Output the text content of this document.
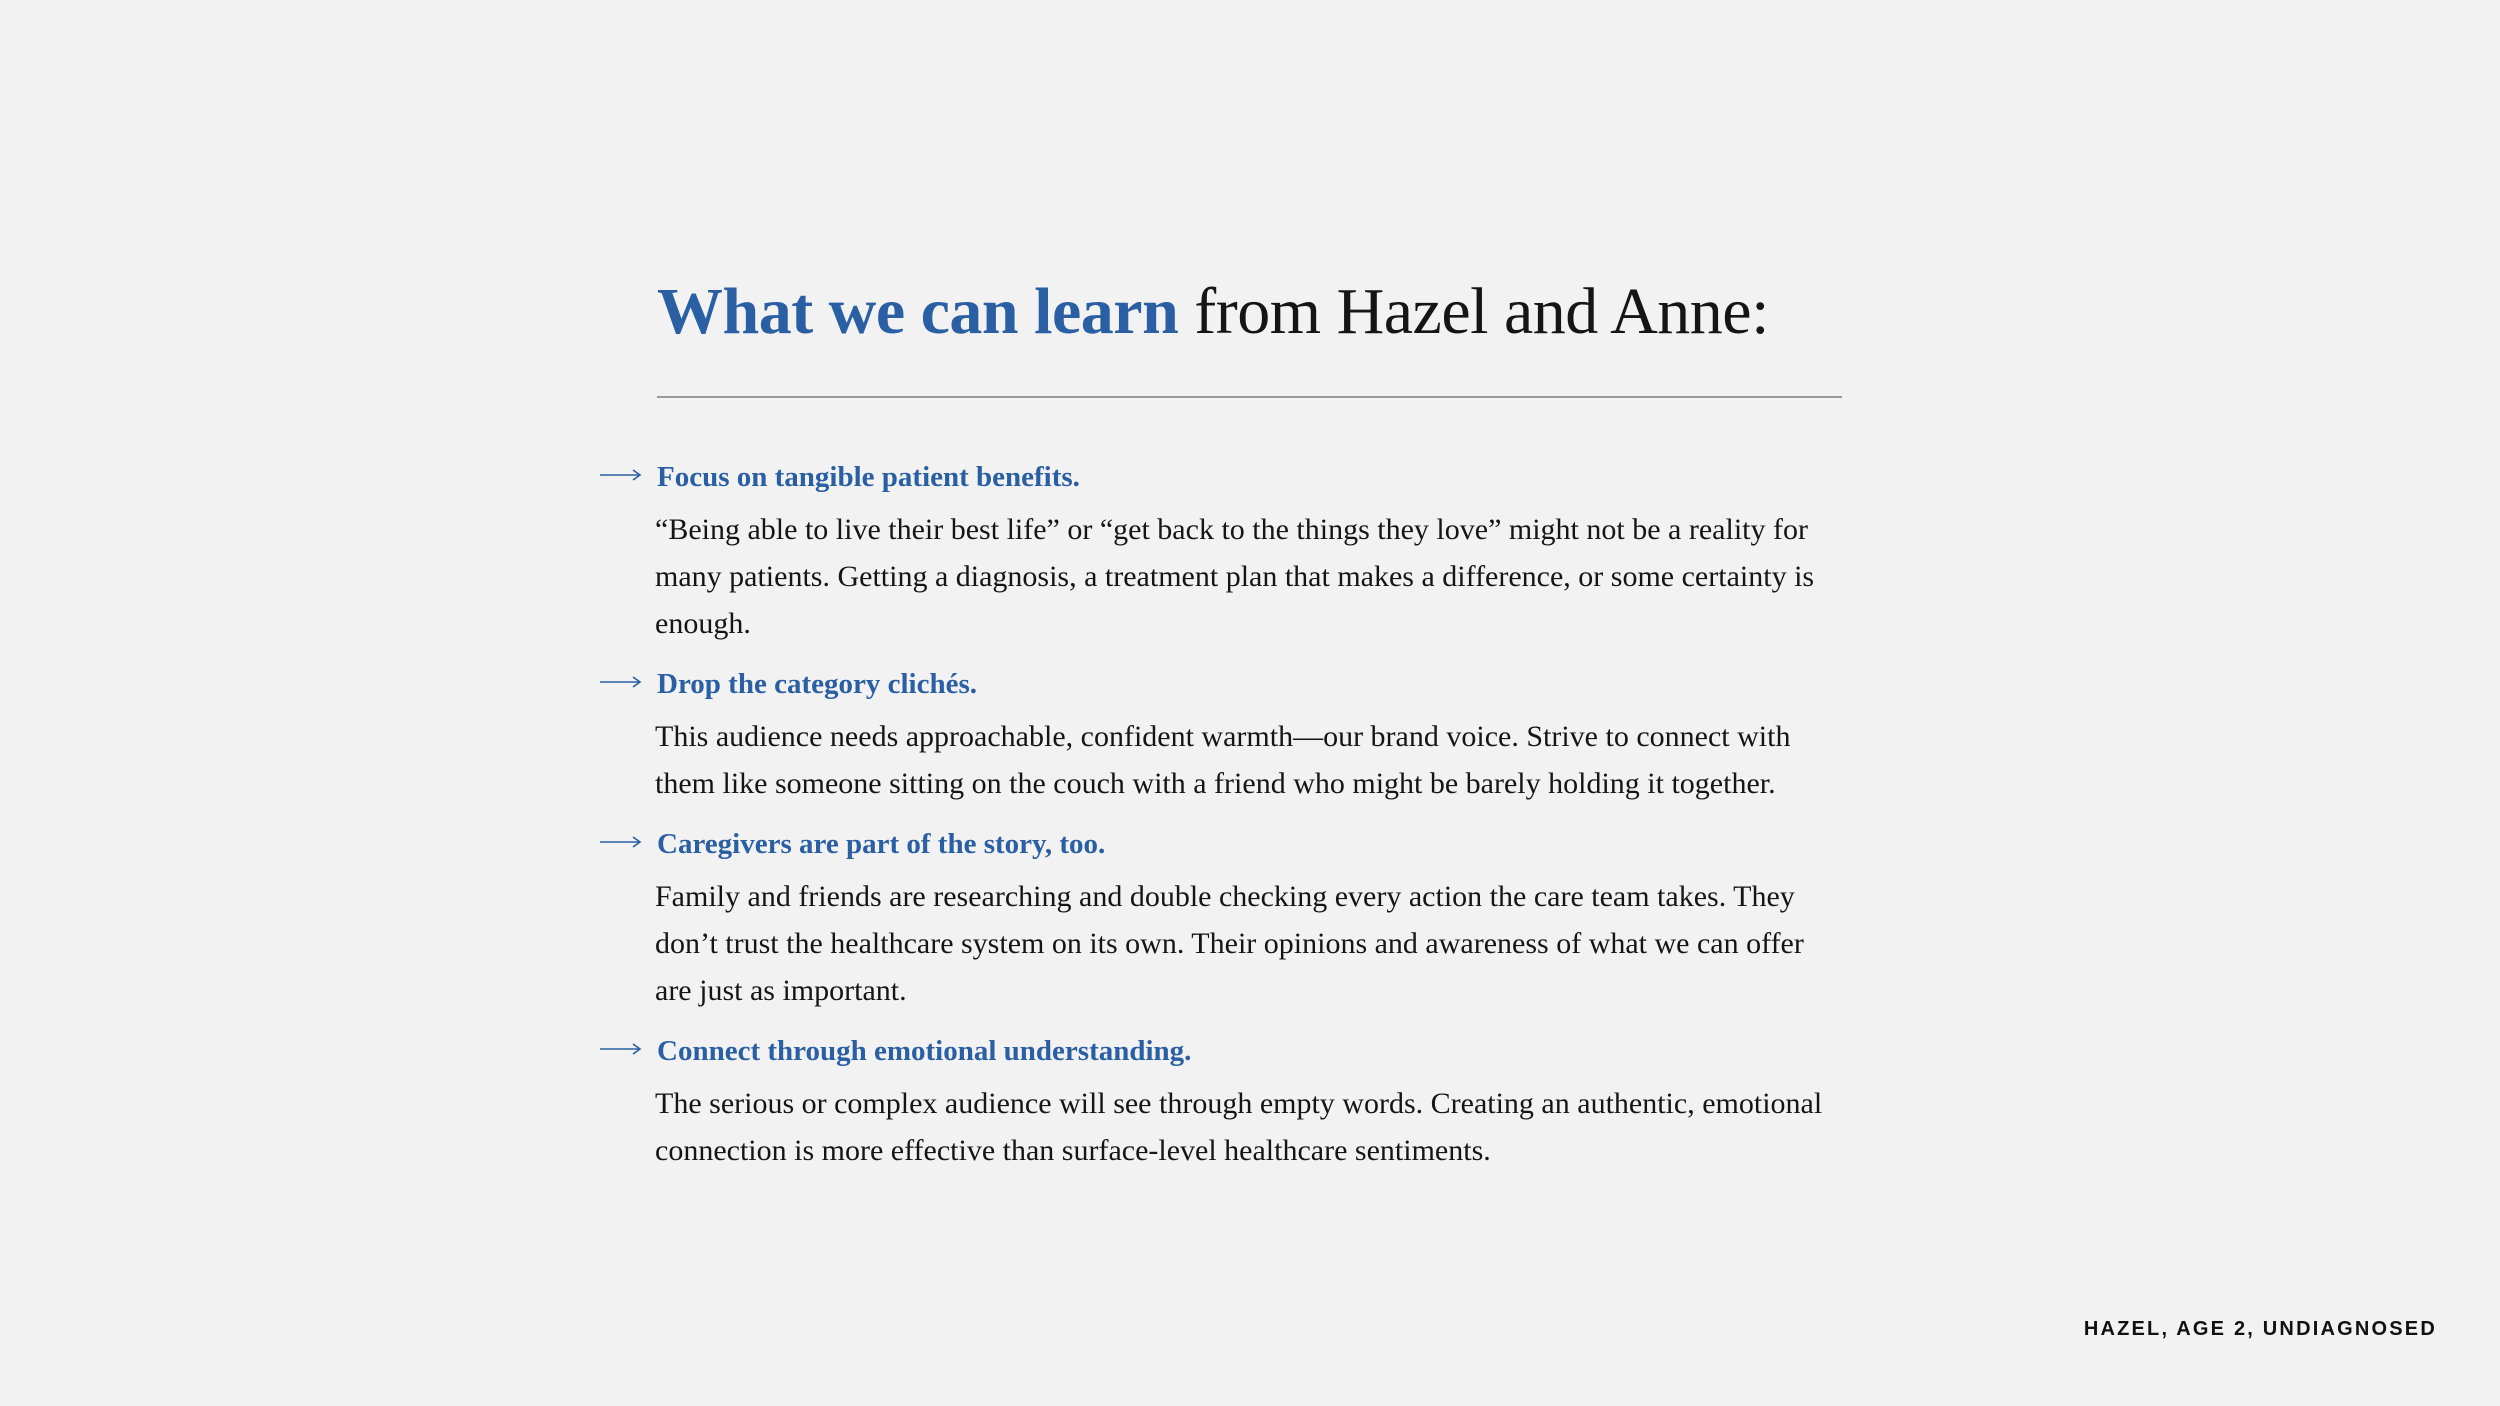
What we can learn from Hazel and Anne:
Focus on tangible patient benefits.

“Being able to live their best life” or “get back to the things they love” might not be a reality for many patients. Getting a diagnosis, a treatment plan that makes a difference, or some certainty is enough.

Drop the category clichés.

This audience needs approachable, confident warmth—our brand voice. Strive to connect with them like someone sitting on the couch with a friend who might be barely holding it together.

Caregivers are part of the story, too.

Family and friends are researching and double checking every action the care team takes. They don’t trust the healthcare system on its own. Their opinions and awareness of what we can offer are just as important.

Connect through emotional understanding.

The serious or complex audience will see through empty words. Creating an authentic, emotional connection is more effective than surface-level healthcare sentiments.

HAZEL, AGE 2, UNDIAGNOSED
